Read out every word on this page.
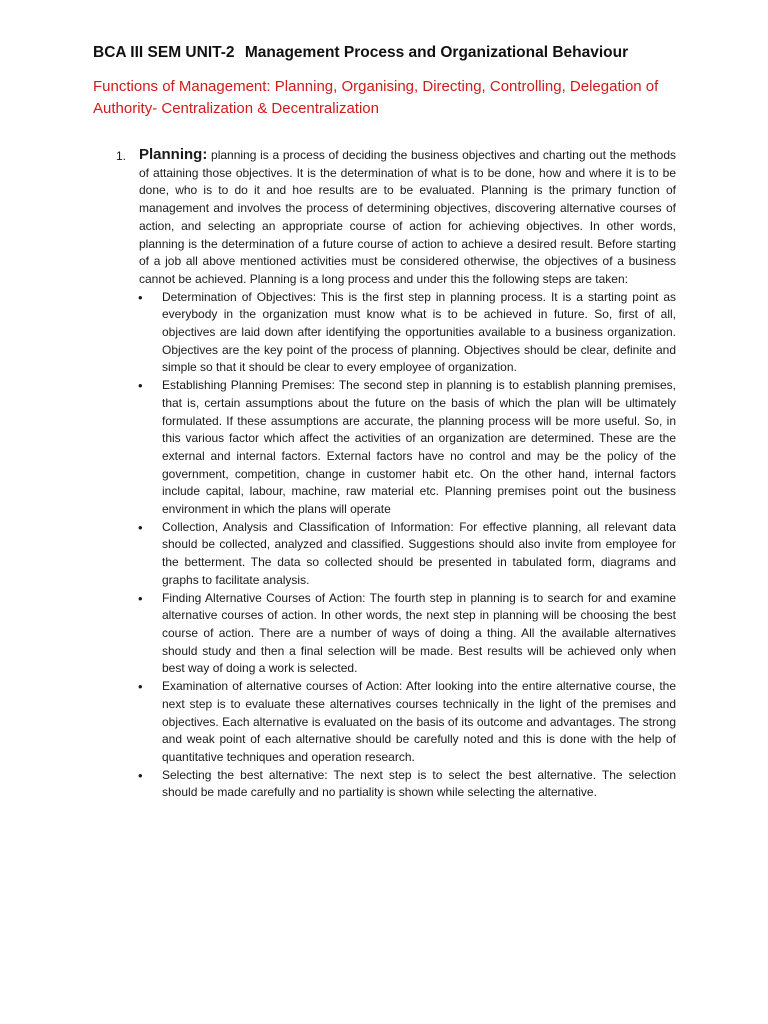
BCA III SEM UNIT-2 Management Process and Organizational Behaviour
Functions of Management: Planning, Organising, Directing, Controlling, Delegation of Authority- Centralization & Decentralization
1. Planning: planning is a process of deciding the business objectives and charting out the methods of attaining those objectives. It is the determination of what is to be done, how and where it is to be done, who is to do it and hoe results are to be evaluated. Planning is the primary function of management and involves the process of determining objectives, discovering alternative courses of action, and selecting an appropriate course of action for achieving objectives. In other words, planning is the determination of a future course of action to achieve a desired result. Before starting of a job all above mentioned activities must be considered otherwise, the objectives of a business cannot be achieved. Planning is a long process and under this the following steps are taken:
• Determination of Objectives: This is the first step in planning process. It is a starting point as everybody in the organization must know what is to be achieved in future. So, first of all, objectives are laid down after identifying the opportunities available to a business organization. Objectives are the key point of the process of planning. Objectives should be clear, definite and simple so that it should be clear to every employee of organization.
• Establishing Planning Premises: The second step in planning is to establish planning premises, that is, certain assumptions about the future on the basis of which the plan will be ultimately formulated. If these assumptions are accurate, the planning process will be more useful. So, in this various factor which affect the activities of an organization are determined. These are the external and internal factors. External factors have no control and may be the policy of the government, competition, change in customer habit etc. On the other hand, internal factors include capital, labour, machine, raw material etc. Planning premises point out the business environment in which the plans will operate
• Collection, Analysis and Classification of Information: For effective planning, all relevant data should be collected, analyzed and classified. Suggestions should also invite from employee for the betterment. The data so collected should be presented in tabulated form, diagrams and graphs to facilitate analysis.
• Finding Alternative Courses of Action: The fourth step in planning is to search for and examine alternative courses of action. In other words, the next step in planning will be choosing the best course of action. There are a number of ways of doing a thing. All the available alternatives should study and then a final selection will be made. Best results will be achieved only when best way of doing a work is selected.
• Examination of alternative courses of Action: After looking into the entire alternative course, the next step is to evaluate these alternatives courses technically in the light of the premises and objectives. Each alternative is evaluated on the basis of its outcome and advantages. The strong and weak point of each alternative should be carefully noted and this is done with the help of quantitative techniques and operation research.
• Selecting the best alternative: The next step is to select the best alternative. The selection should be made carefully and no partiality is shown while selecting the alternative.
